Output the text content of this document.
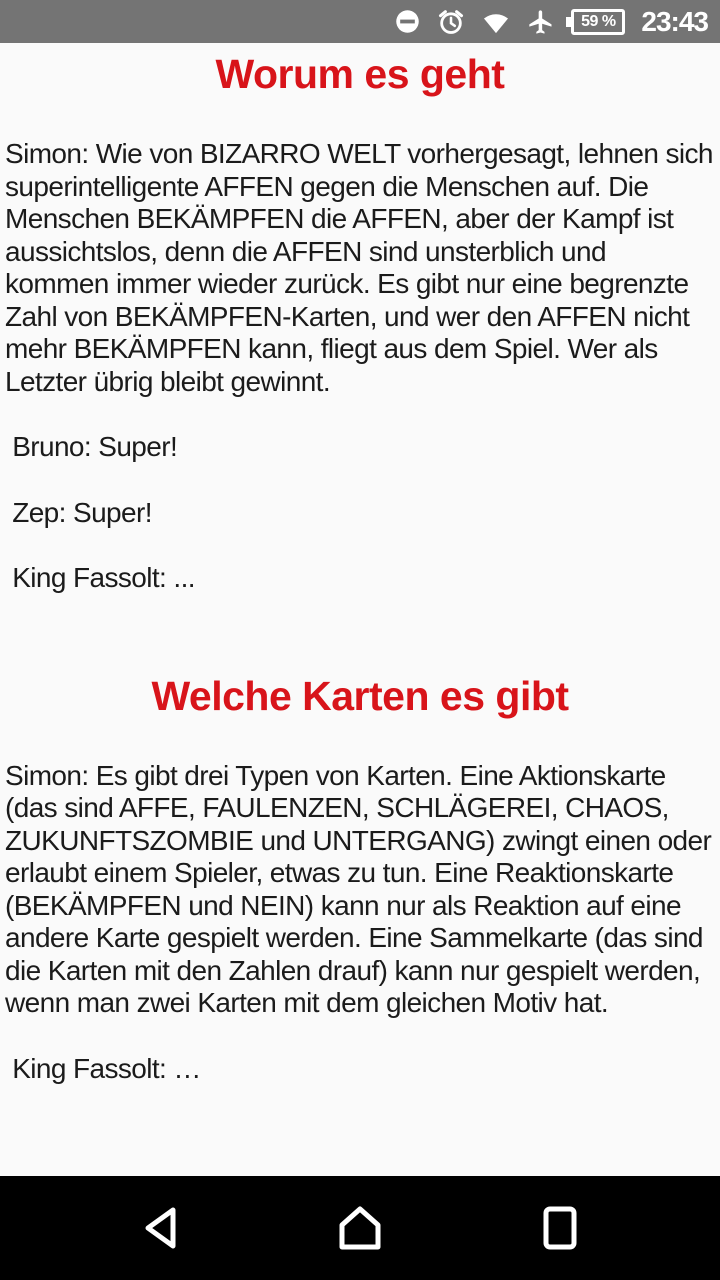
59 % 23:43
Worum es geht

Simon: Wie von BIZARRO WELT vorhergesagt, lehnen sich superintelligente AFFEN gegen die Menschen auf. Die Menschen BEKÄMPFEN die AFFEN, aber der Kampf ist aussichtslos, denn die AFFEN sind unsterblich und kommen immer wieder zurück. Es gibt nur eine begrenzte Zahl von BEKÄMPFEN-Karten, und wer den AFFEN nicht mehr BEKÄMPFEN kann, fliegt aus dem Spiel. Wer als Letzter übrig bleibt gewinnt.

Bruno: Super!

Zep: Super!

King Fassolt: ...

Welche Karten es gibt

Simon: Es gibt drei Typen von Karten. Eine Aktionskarte (das sind AFFE, FAULENZEN, SCHLÄGEREI, CHAOS, ZUKUNFTSZOMBIE und UNTERGANG) zwingt einen oder erlaubt einem Spieler, etwas zu tun. Eine Reaktionskarte (BEKÄMPFEN und NEIN) kann nur als Reaktion auf eine andere Karte gespielt werden. Eine Sammelkarte (das sind die Karten mit den Zahlen drauf) kann nur gespielt werden, wenn man zwei Karten mit dem gleichen Motiv hat.

King Fassolt: …
